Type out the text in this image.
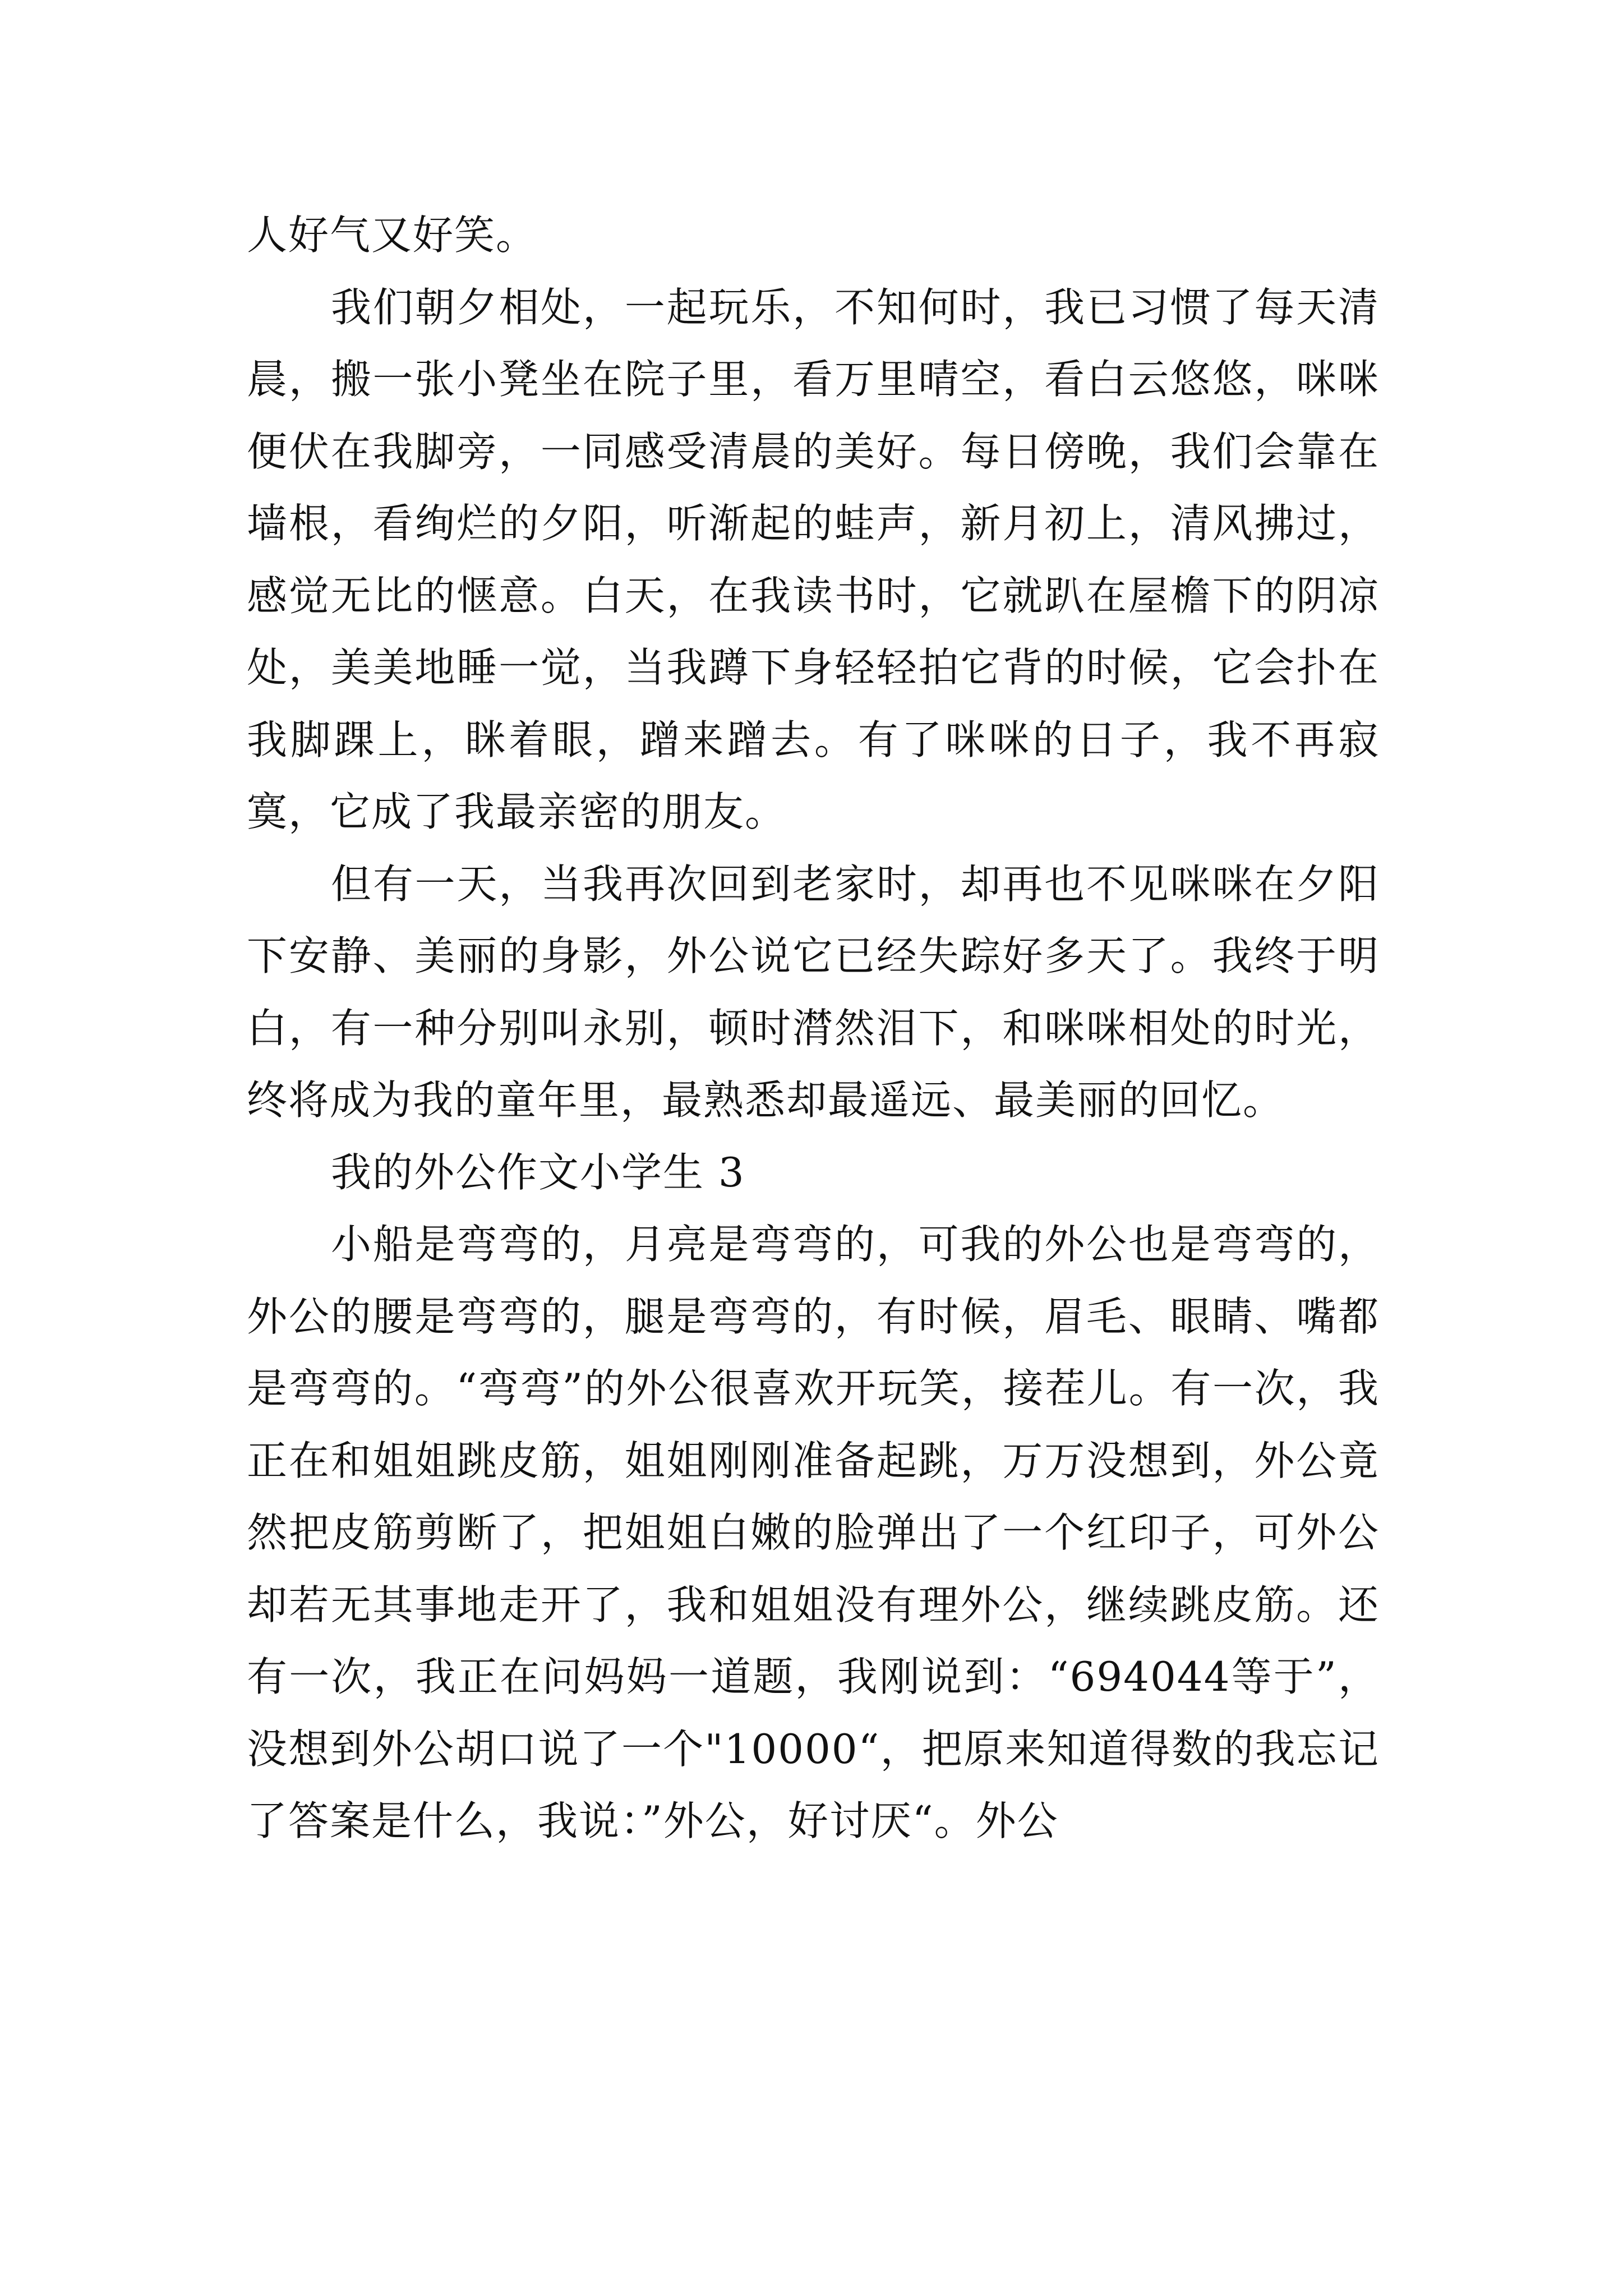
人好气又好笑。

我们朝夕相处，一起玩乐，不知何时，我已习惯了每天清晨，搬一张小凳坐在院子里，看万里晴空，看白云悠悠，咪咪便伏在我脚旁，一同感受清晨的美好。每日傍晚，我们会靠在墙根，看绚烂的夕阳，听渐起的蛙声，新月初上，清风拂过，感觉无比的惬意。白天，在我读书时，它就趴在屋檐下的阴凉处，美美地睡一觉，当我蹲下身轻轻拍它背的时候，它会扑在我脚踝上，眯着眼，蹭来蹭去。有了咪咪的日子，我不再寂寞，它成了我最亲密的朋友。

但有一天，当我再次回到老家时，却再也不见咪咪在夕阳下安静、美丽的身影，外公说它已经失踪好多天了。我终于明白，有一种分别叫永别，顿时潸然泪下，和咪咪相处的时光，终将成为我的童年里，最熟悉却最遥远、最美丽的回忆。

我的外公作文小学生 3

小船是弯弯的，月亮是弯弯的，可我的外公也是弯弯的，外公的腰是弯弯的，腿是弯弯的，有时候，眉毛、眼睛、嘴都是弯弯的。“弯弯”的外公很喜欢开玩笑，接茬儿。有一次，我正在和姐姐跳皮筋，姐姐刚刚准备起跳，万万没想到，外公竟然把皮筋剪断了，把姐姐白嫩的脸弹出了一个红印子，可外公却若无其事地走开了，我和姐姐没有理外公，继续跳皮筋。还有一次，我正在问妈妈一道题，我刚说到：“694044等于”，没想到外公胡口说了一个"10000“，把原来知道得数的我忘记了答案是什么，我说：”外公，好讨厌“。外公
